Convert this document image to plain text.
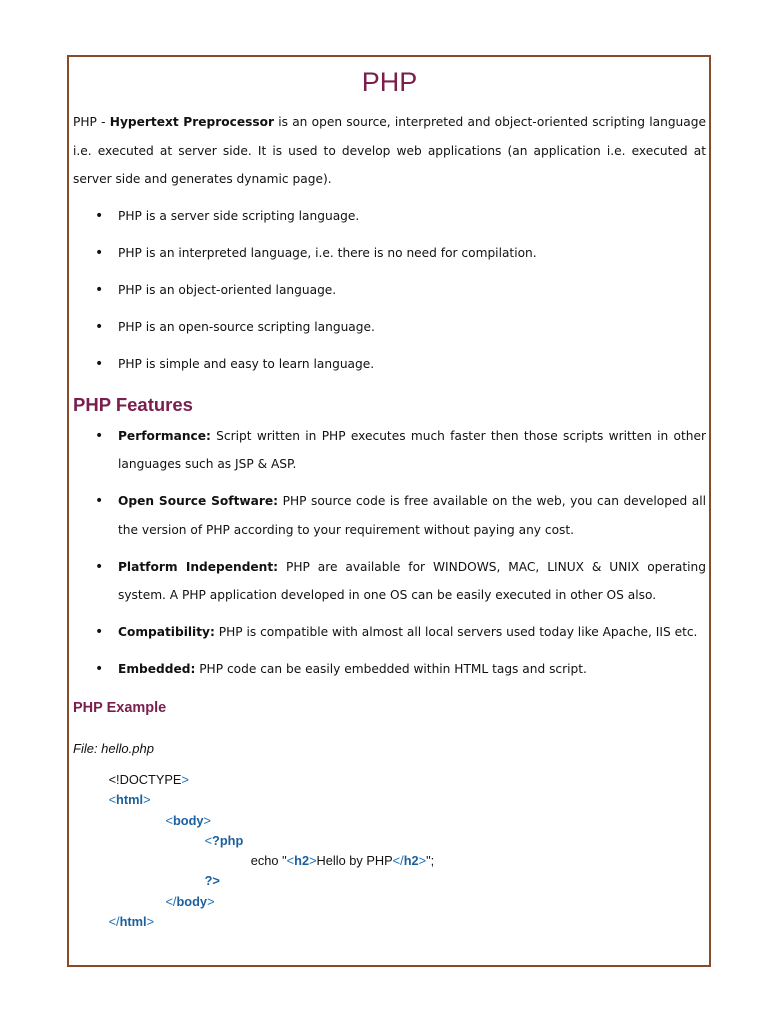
PHP

PHP - Hypertext Preprocessor is an open source, interpreted and object-oriented scripting language i.e. executed at server side. It is used to develop web applications (an application i.e. executed at server side and generates dynamic page).

• PHP is a server side scripting language.
• PHP is an interpreted language, i.e. there is no need for compilation.
• PHP is an object-oriented language.
• PHP is an open-source scripting language.
• PHP is simple and easy to learn language.
PHP Features
• Performance: Script written in PHP executes much faster then those scripts written in other languages such as JSP & ASP.
• Open Source Software: PHP source code is free available on the web, you can developed all the version of PHP according to your requirement without paying any cost.
• Platform Independent: PHP are available for WINDOWS, MAC, LINUX & UNIX operating system. A PHP application developed in one OS can be easily executed in other OS also.
• Compatibility: PHP is compatible with almost all local servers used today like Apache, IIS etc.
• Embedded: PHP code can be easily embedded within HTML tags and script.
PHP Example
File: hello.php
<!DOCTYPE>
<html>
<body>
<?php
echo "<h2>Hello by PHP</h2>";
?>
</body>
</html>
